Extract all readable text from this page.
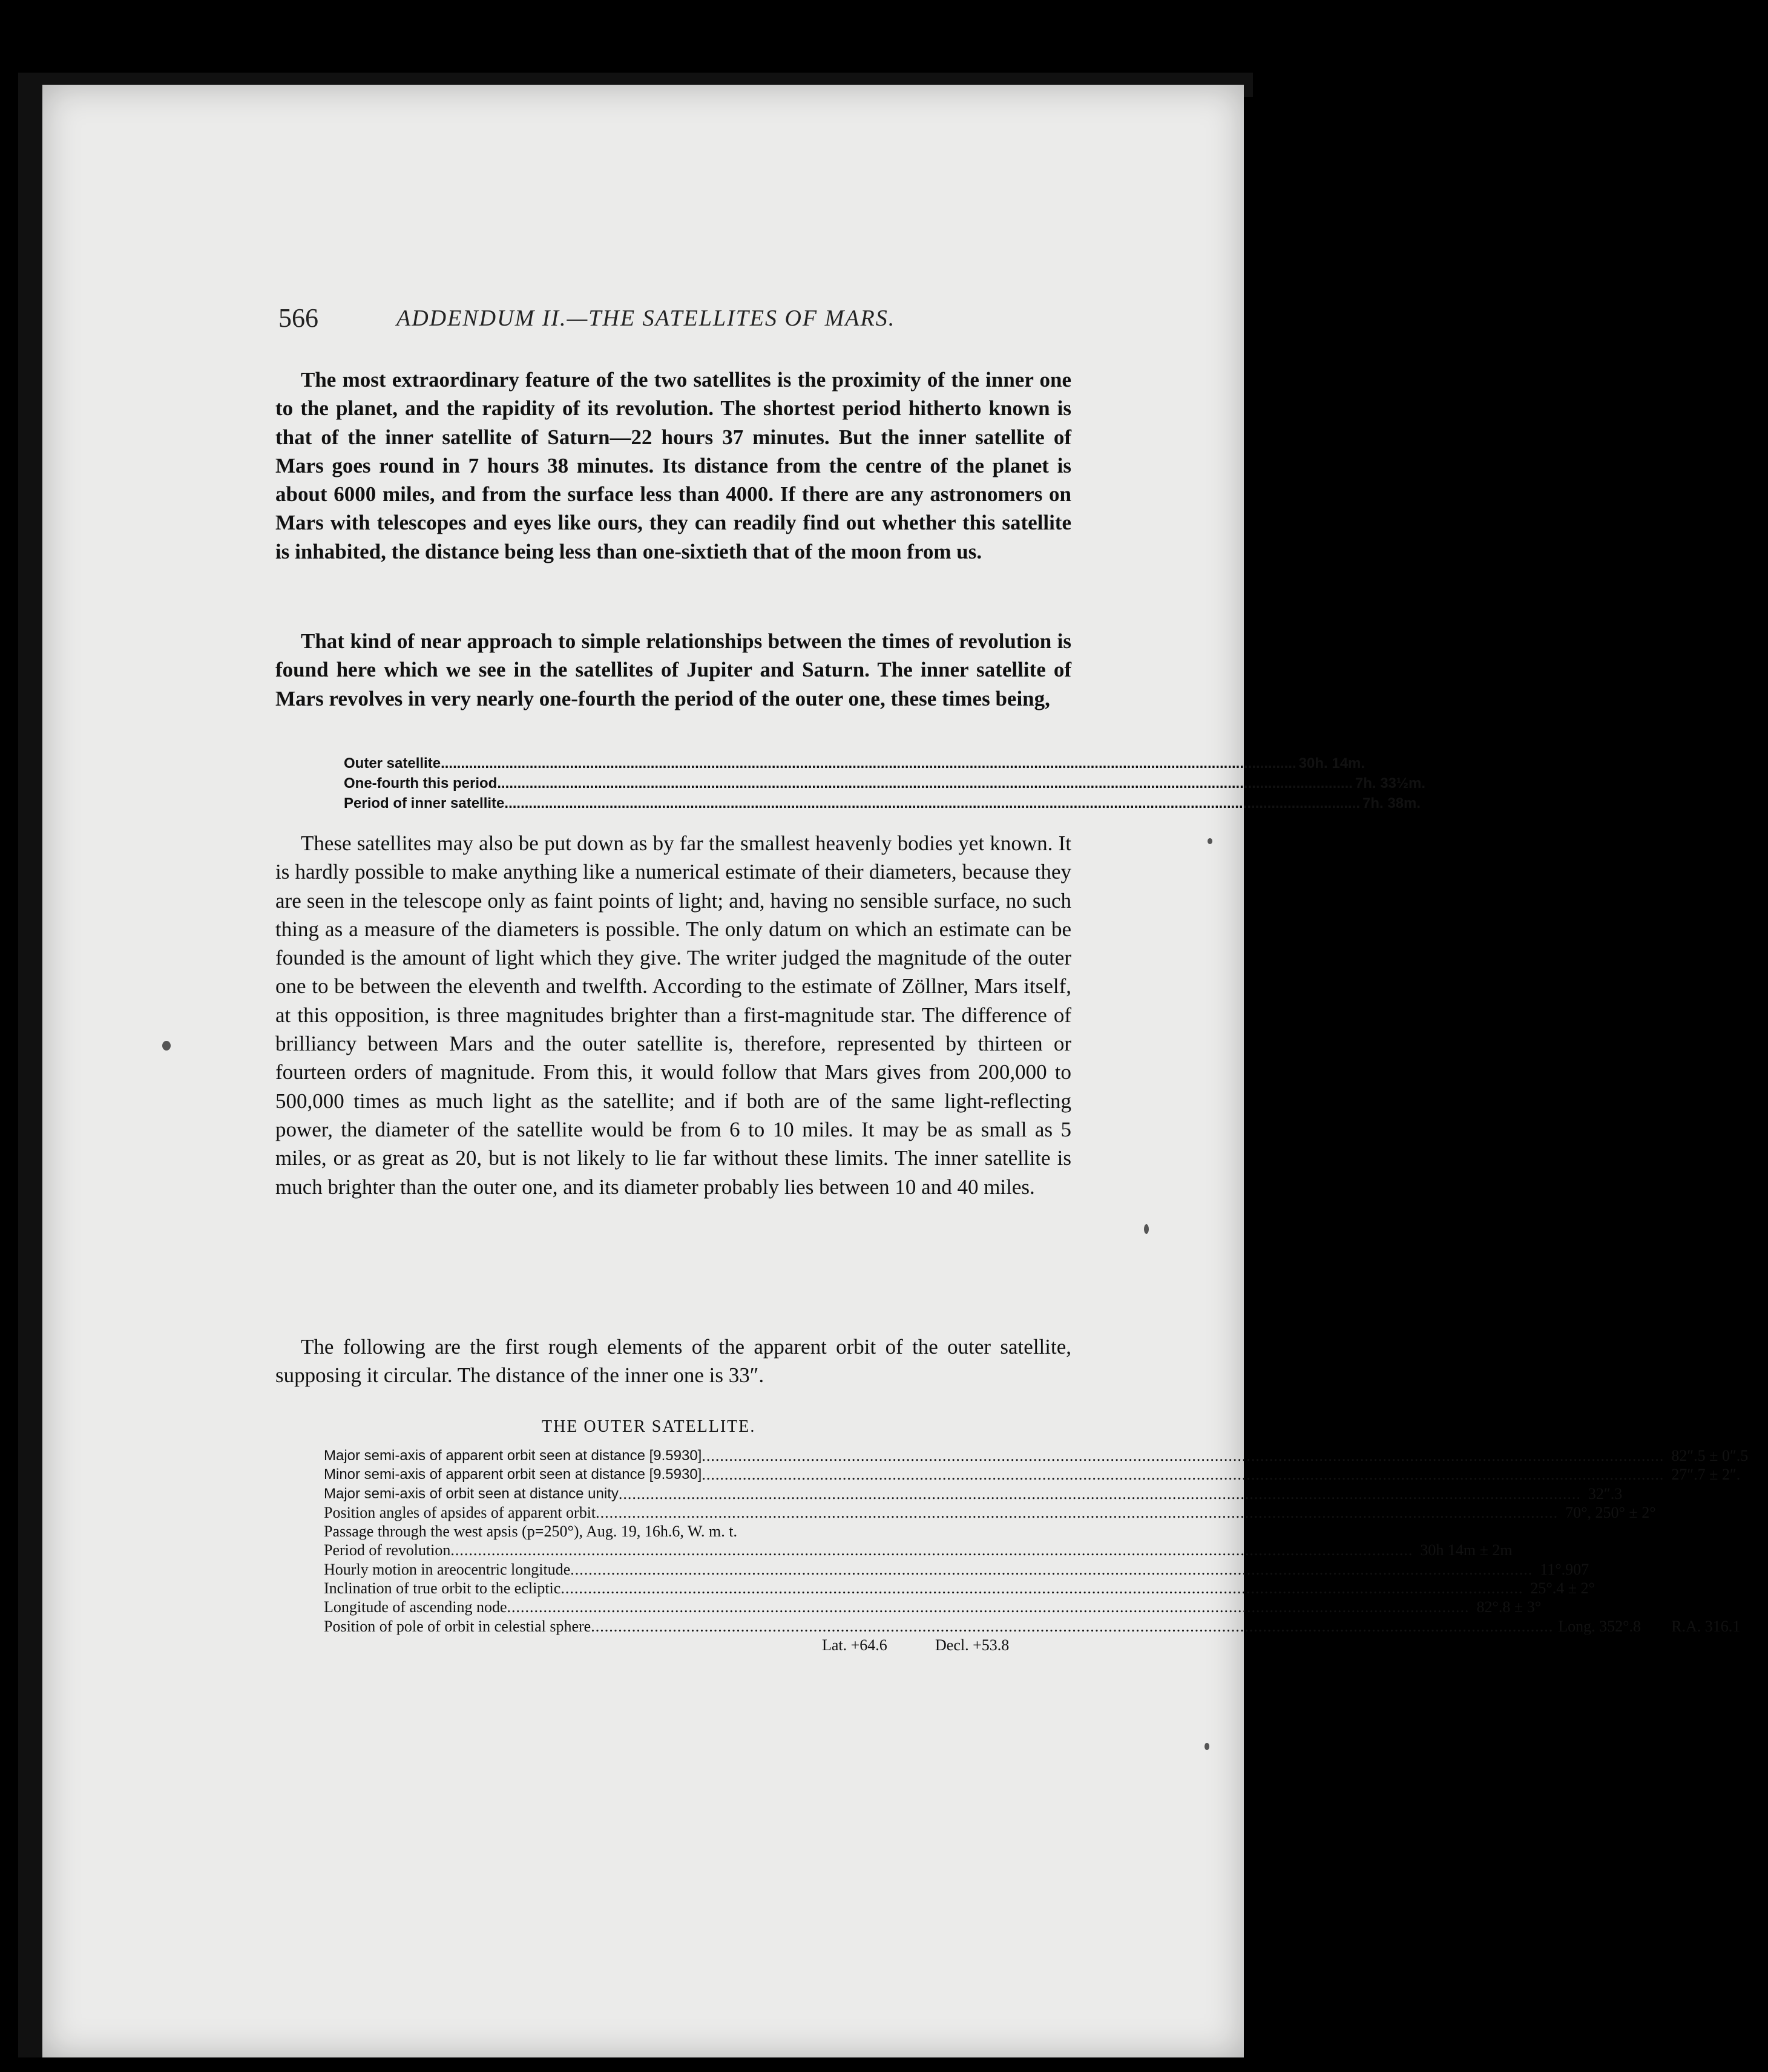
566	ADDENDUM II.—THE SATELLITES OF MARS.

The most extraordinary feature of the two satellites is the proximity of the inner one to the planet, and the rapidity of its revolution. The shortest period hitherto known is that of the inner satellite of Saturn—22 hours 37 minutes. But the inner satellite of Mars goes round in 7 hours 38 minutes. Its distance from the centre of the planet is about 6000 miles, and from the surface less than 4000. If there are any astronomers on Mars with telescopes and eyes like ours, they can readily find out whether this satellite is inhabited, the distance being less than one-sixtieth that of the moon from us.

That kind of near approach to simple relationships between the times of revolution is found here which we see in the satellites of Jupiter and Saturn. The inner satellite of Mars revolves in very nearly one-fourth the period of the outer one, these times being,

Outer satellite .................................................................................................................................................................................................................... 30h. 14m.
One-fourth this period .................................................................................................................................................................................................................... 7h. 33½m.
Period of inner satellite .................................................................................................................................................................................................................... 7h. 38m.

These satellites may also be put down as by far the smallest heavenly bodies yet known. It is hardly possible to make anything like a numerical estimate of their diameters, because they are seen in the telescope only as faint points of light; and, having no sensible surface, no such thing as a measure of the diameters is possible. The only datum on which an estimate can be founded is the amount of light which they give. The writer judged the magnitude of the outer one to be between the eleventh and twelfth. According to the estimate of Zöllner, Mars itself, at this opposition, is three magnitudes brighter than a first-magnitude star. The difference of brilliancy between Mars and the outer satellite is, therefore, represented by thirteen or fourteen orders of magnitude. From this, it would follow that Mars gives from 200,000 to 500,000 times as much light as the satellite; and if both are of the same light-reflecting power, the diameter of the satellite would be from 6 to 10 miles. It may be as small as 5 miles, or as great as 20, but is not likely to lie far without these limits. The inner satellite is much brighter than the outer one, and its diameter probably lies between 10 and 40 miles.

The following are the first rough elements of the apparent orbit of the outer satellite, supposing it circular. The distance of the inner one is 33″.

THE OUTER SATELLITE.
Major semi-axis of apparent orbit seen at distance [9.5930] .................................................................................................................................................................................................................... 82″.5 ± 0″.5
Minor semi-axis of apparent orbit seen at distance [9.5930] .................................................................................................................................................................................................................... 27″.7 ± 2″.
Major semi-axis of orbit seen at distance unity .................................................................................................................................................................................................................... 32″.3
Position angles of apsides of apparent orbit .................................................................................................................................................................................................................... 70°, 250° ± 2°
Passage through the west apsis (p=250°), Aug. 19, 16h.6, W. m. t.
Period of revolution .................................................................................................................................................................................................................... 30h 14m ± 2m
Hourly motion in areocentric longitude .................................................................................................................................................................................................................... 11°.907
Inclination of true orbit to the ecliptic .................................................................................................................................................................................................................... 25°.4 ± 2°
Longitude of ascending node .................................................................................................................................................................................................................... 82°.8 ± 3°
Position of pole of orbit in celestial sphere .................................................................................................................................................................................................................... Long. 352°.8	R.A. 316.1
Lat. +64.6	Decl. +53.8
